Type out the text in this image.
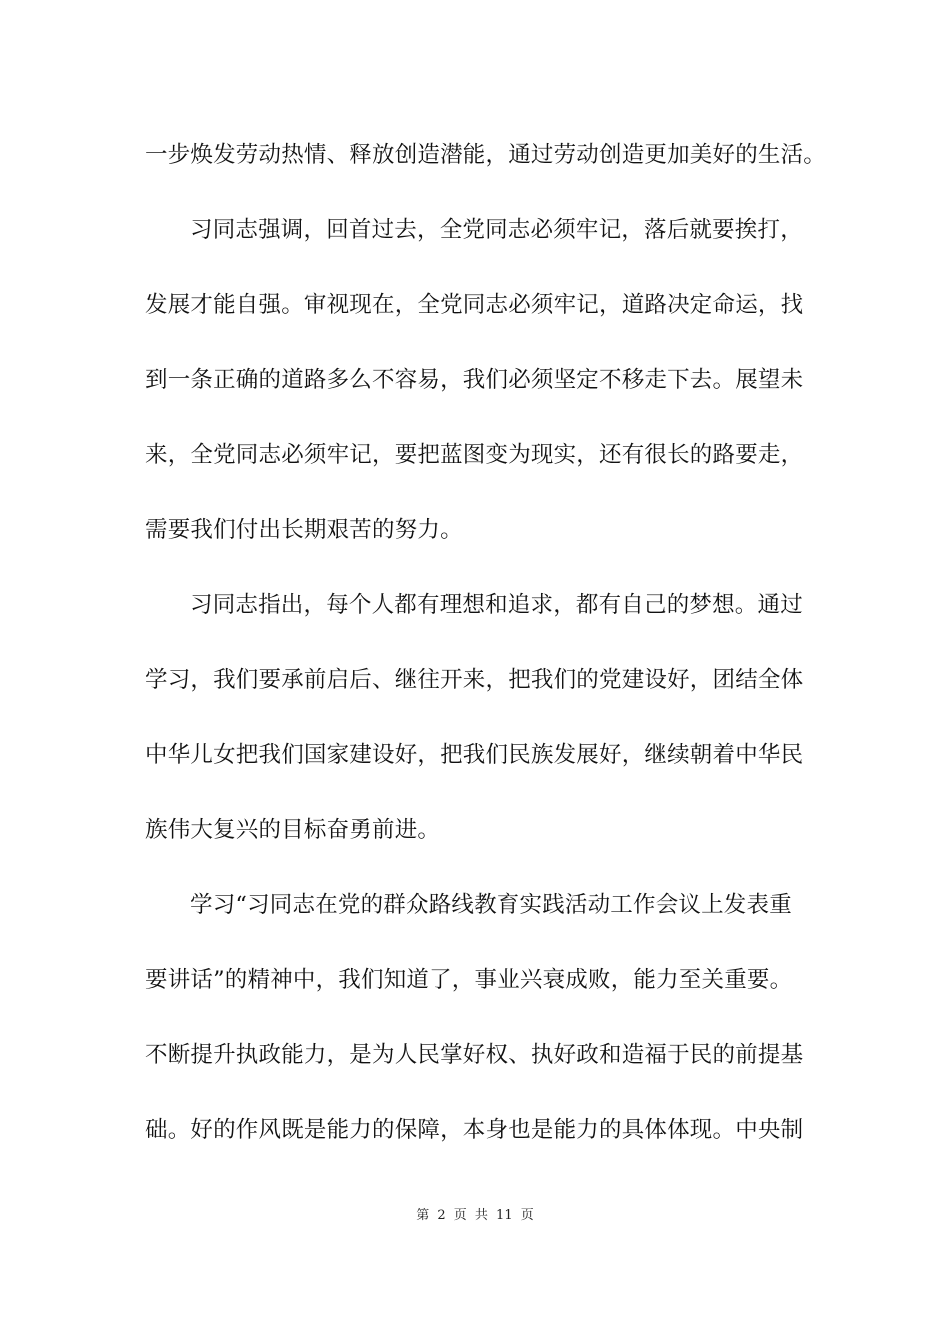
一步焕发劳动热情、释放创造潜能，通过劳动创造更加美好的生活。
习同志强调，回首过去，全党同志必须牢记，落后就要挨打，
发展才能自强。审视现在，全党同志必须牢记，道路决定命运，找
到一条正确的道路多么不容易，我们必须坚定不移走下去。展望未
来，全党同志必须牢记，要把蓝图变为现实，还有很长的路要走，
需要我们付出长期艰苦的努力。
习同志指出，每个人都有理想和追求，都有自己的梦想。通过
学习，我们要承前启后、继往开来，把我们的党建设好，团结全体
中华儿女把我们国家建设好，把我们民族发展好，继续朝着中华民
族伟大复兴的目标奋勇前进。
学习“习同志在党的群众路线教育实践活动工作会议上发表重
要讲话”的精神中，我们知道了，事业兴衰成败，能力至关重要。
不断提升执政能力，是为人民掌好权、执好政和造福于民的前提基
础。好的作风既是能力的保障，本身也是能力的具体体现。中央制
第 2 页 共 11 页
